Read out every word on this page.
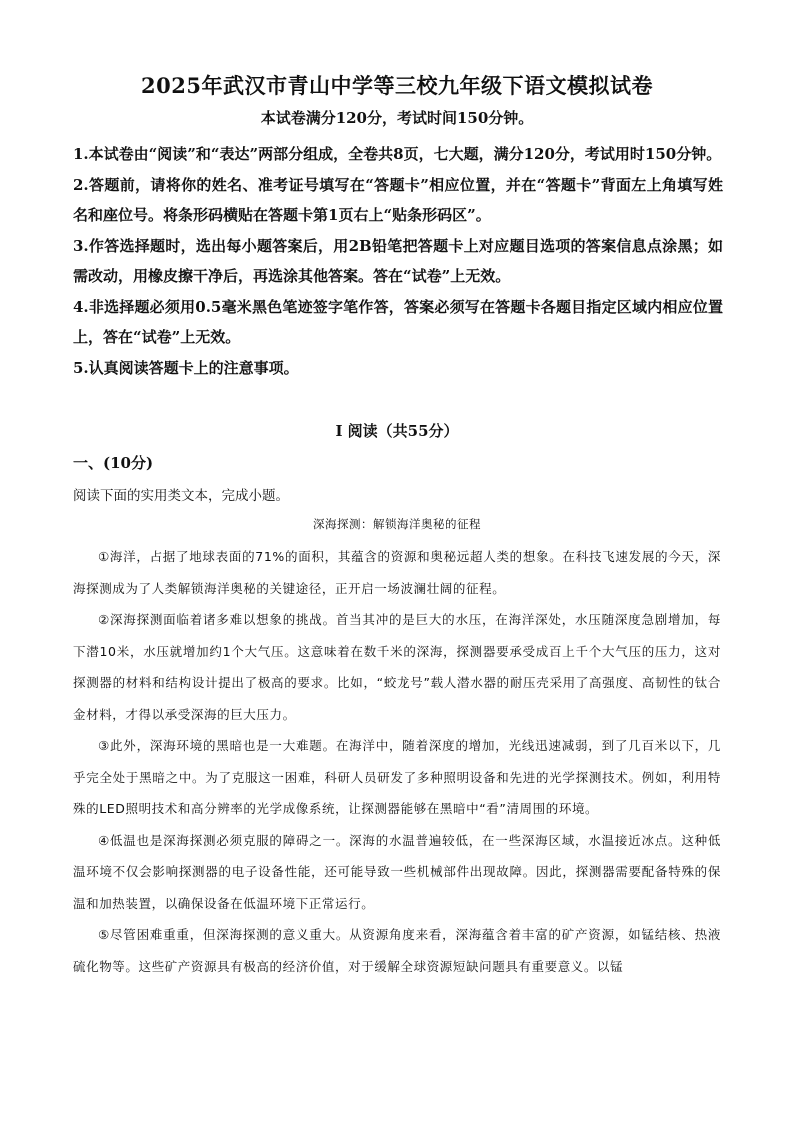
2025年武汉市青山中学等三校九年级下语文模拟试卷
本试卷满分120分，考试时间150分钟。

1.本试卷由“阅读”和“表达”两部分组成，全卷共8页，七大题，满分120分，考试用时150分钟。

2.答题前，请将你的姓名、准考证号填写在“答题卡”相应位置，并在“答题卡”背面左上角填写姓名和座位号。将条形码横贴在答题卡第1页右上“贴条形码区”。

3.作答选择题时，选出每小题答案后，用2B铅笔把答题卡上对应题目选项的答案信息点涂黑；如需改动，用橡皮擦干净后，再选涂其他答案。答在“试卷”上无效。

4.非选择题必须用0.5毫米黑色笔迹签字笔作答，答案必须写在答题卡各题目指定区域内相应位置上，答在“试卷”上无效。

5.认真阅读答题卡上的注意事项。

I 阅读（共55分）
一、(10分)
阅读下面的实用类文本，完成小题。
深海探测：解锁海洋奥秘的征程

①海洋，占据了地球表面的71%的面积，其蕴含的资源和奥秘远超人类的想象。在科技飞速发展的今天，深海探测成为了人类解锁海洋奥秘的关键途径，正开启一场波澜壮阔的征程。

②深海探测面临着诸多难以想象的挑战。首当其冲的是巨大的水压，在海洋深处，水压随深度急剧增加，每下潜10米，水压就增加约1个大气压。这意味着在数千米的深海，探测器要承受成百上千个大气压的压力，这对探测器的材料和结构设计提出了极高的要求。比如，“蛟龙号”载人潜水器的耐压壳采用了高强度、高韧性的钛合金材料，才得以承受深海的巨大压力。

③此外，深海环境的黑暗也是一大难题。在海洋中，随着深度的增加，光线迅速减弱，到了几百米以下，几乎完全处于黑暗之中。为了克服这一困难，科研人员研发了多种照明设备和先进的光学探测技术。例如，利用特殊的LED照明技术和高分辨率的光学成像系统，让探测器能够在黑暗中“看”清周围的环境。

④低温也是深海探测必须克服的障碍之一。深海的水温普遍较低，在一些深海区域，水温接近冰点。这种低温环境不仅会影响探测器的电子设备性能，还可能导致一些机械部件出现故障。因此，探测器需要配备特殊的保温和加热装置，以确保设备在低温环境下正常运行。

⑤尽管困难重重，但深海探测的意义重大。从资源角度来看，深海蕴含着丰富的矿产资源，如锰结核、热液硫化物等。这些矿产资源具有极高的经济价值，对于缓解全球资源短缺问题具有重要意义。以锰
